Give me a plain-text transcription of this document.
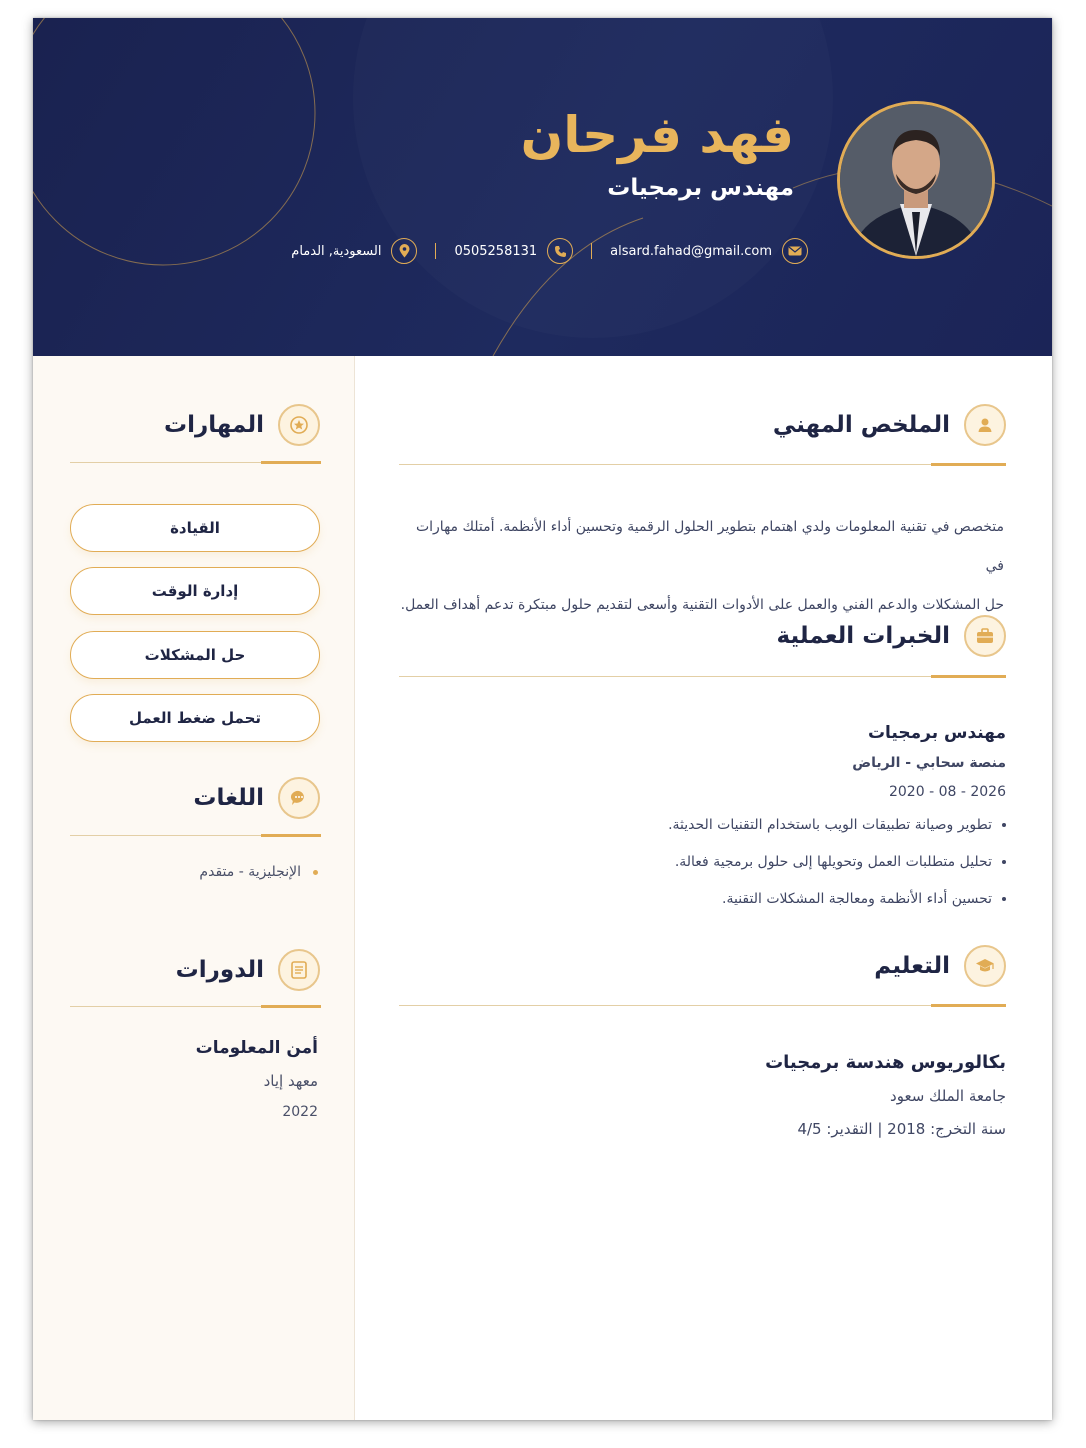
فهد فرحان
مهندس برمجيات
alsard.fahad@gmail.com
0505258131
السعودية, الدمام
المهارات
القيادة
إدارة الوقت
حل المشكلات
تحمل ضغط العمل
اللغات
الإنجليزية - متقدم
الدورات
أمن المعلومات
معهد إياد
2022
الملخص المهني
متخصص في تقنية المعلومات ولدي اهتمام بتطوير الحلول الرقمية وتحسين أداء الأنظمة. أمتلك مهارات في
حل المشكلات والدعم الفني والعمل على الأدوات التقنية وأسعى لتقديم حلول مبتكرة تدعم أهداف العمل.
الخبرات العملية
مهندس برمجيات
منصة سحابي - الرياض
2026 - 08 - 2020
تطوير وصيانة تطبيقات الويب باستخدام التقنيات الحديثة.
تحليل متطلبات العمل وتحويلها إلى حلول برمجية فعالة.
تحسين أداء الأنظمة ومعالجة المشكلات التقنية.
التعليم
بكالوريوس هندسة برمجيات
جامعة الملك سعود
سنة التخرج: 2018 | التقدير: 4/5
